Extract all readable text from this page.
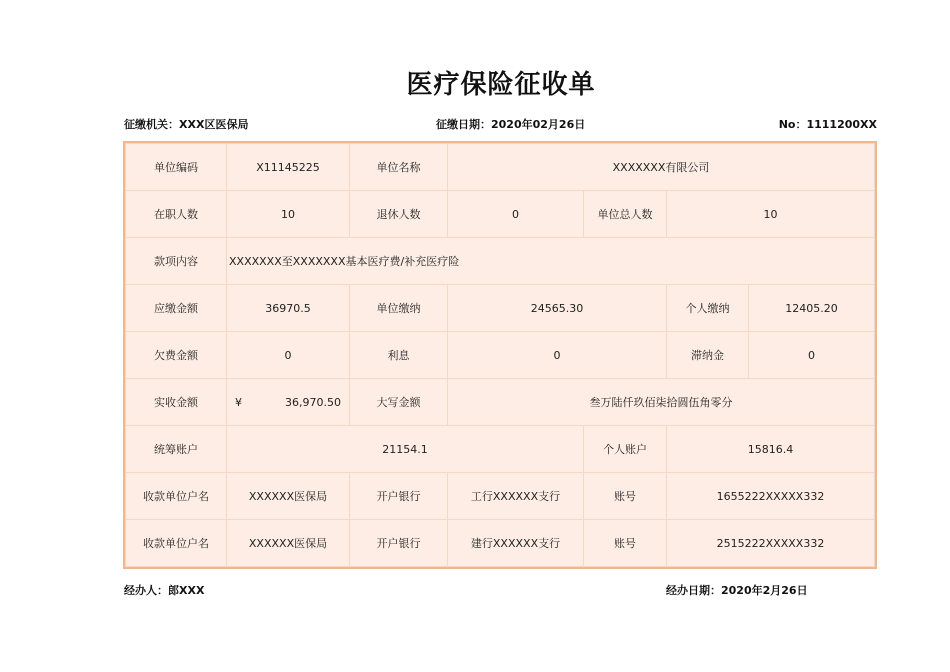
医疗保险征收单
征缴机关：XXX区医保局	征缴日期：2020年02月26日	No：1111200XX
单位编码	X11145225	单位名称	XXXXXXX有限公司			
在职人数	10	退休人数	0	单位总人数	10	
款项内容	XXXXXXX至XXXXXXX基本医疗费/补充医疗险					
应缴金额	36970.5	单位缴纳	24565.30		个人缴纳	12405.20
欠费金额	0	利息	0		滞纳金	0
实收金额	¥ 36,970.50	大写金额	叁万陆仟玖佰柒拾圆伍角零分			
统筹账户	21154.1			个人账户	15816.4	
收款单位户名	XXXXXX医保局	开户银行	工行XXXXXX支行	账号	1655222XXXXX332	
收款单位户名	XXXXXX医保局	开户银行	建行XXXXXX支行	账号	2515222XXXXX332	
经办人：郎XXX	经办日期：2020年2月26日
